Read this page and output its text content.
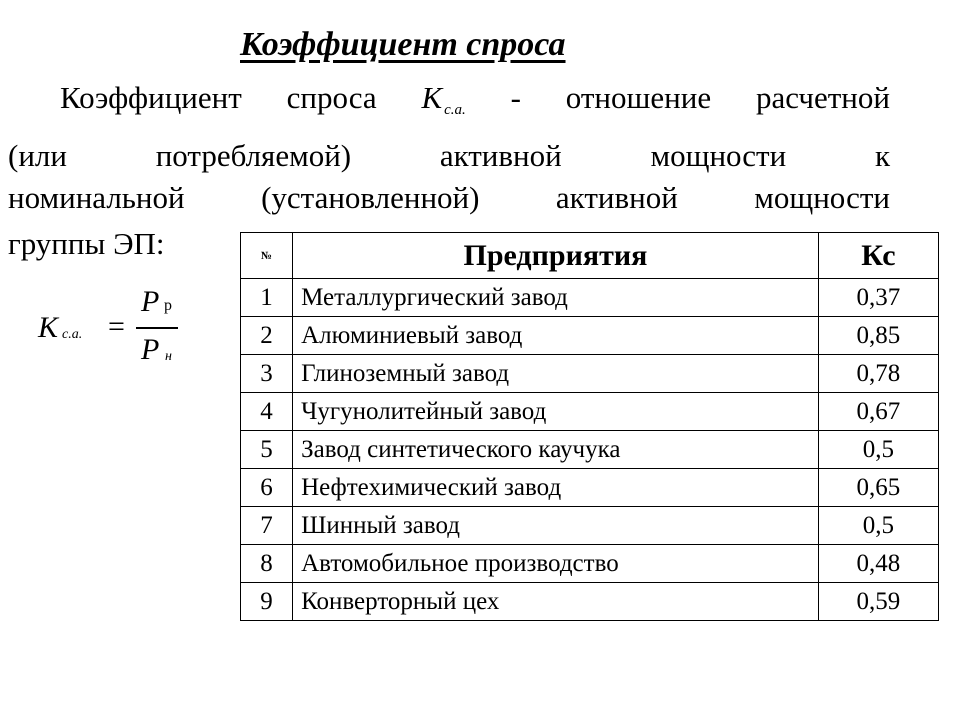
Коэффициент спроса
Коэффициент спроса Кс.а. - отношение расчетной
(или	потребляемой)	активной	мощности	к
номинальной (установленной) активной мощности
группы ЭП:
К с.а. =
P р
P н
№	Предприятия	Кс
1	Металлургический завод	0,37
2	Алюминиевый завод	0,85
3	Глиноземный завод	0,78
4	Чугунолитейный завод	0,67
5	Завод синтетического каучука	0,5
6	Нефтехимический завод	0,65
7	Шинный завод	0,5
8	Автомобильное производство	0,48
9	Конверторный цех	0,59
